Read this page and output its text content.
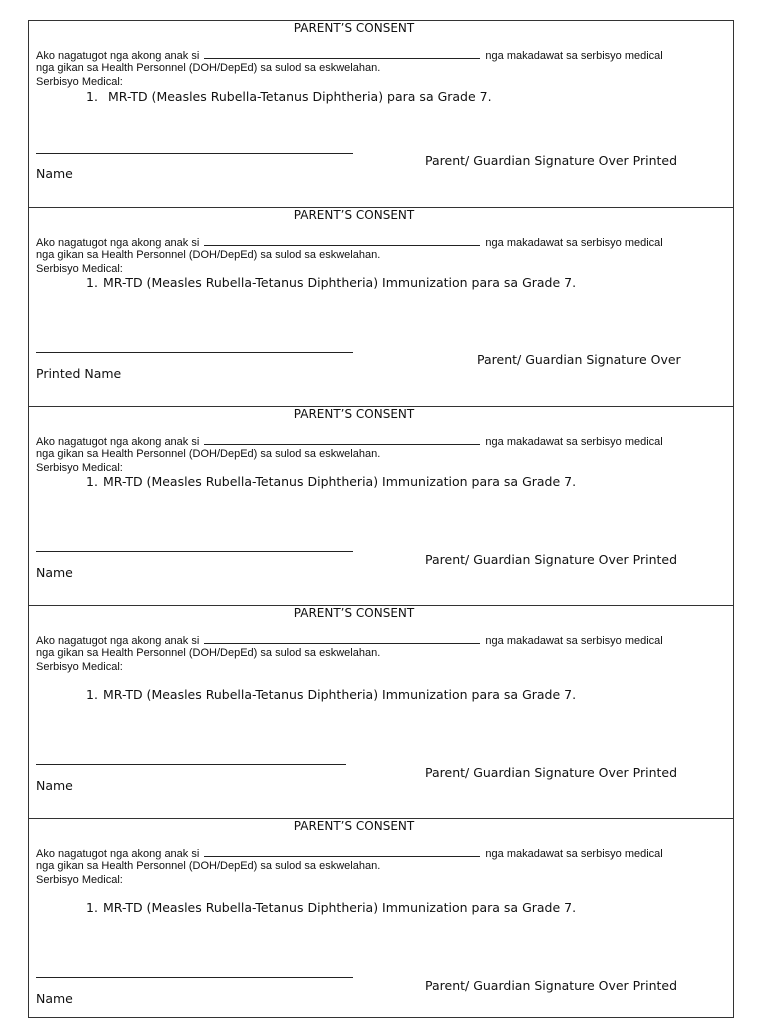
PARENT’S CONSENT
Ako nagatugot nga akong anak si	nga makadawat sa serbisyo medical
nga gikan sa Health Personnel (DOH/DepEd) sa sulod sa eskwelahan.
Serbisyo Medical:
1. MR-TD (Measles Rubella-Tetanus Diphtheria) para sa Grade 7.
Parent/ Guardian Signature Over Printed
Name
PARENT’S CONSENT
Ako nagatugot nga akong anak si	nga makadawat sa serbisyo medical
nga gikan sa Health Personnel (DOH/DepEd) sa sulod sa eskwelahan.
Serbisyo Medical:
1. MR-TD (Measles Rubella-Tetanus Diphtheria) Immunization para sa Grade 7.
Parent/ Guardian Signature Over
Printed Name
PARENT’S CONSENT
Ako nagatugot nga akong anak si	nga makadawat sa serbisyo medical
nga gikan sa Health Personnel (DOH/DepEd) sa sulod sa eskwelahan.
Serbisyo Medical:
1. MR-TD (Measles Rubella-Tetanus Diphtheria) Immunization para sa Grade 7.
Parent/ Guardian Signature Over Printed
Name
PARENT’S CONSENT
Ako nagatugot nga akong anak si	nga makadawat sa serbisyo medical
nga gikan sa Health Personnel (DOH/DepEd) sa sulod sa eskwelahan.
Serbisyo Medical:
1. MR-TD (Measles Rubella-Tetanus Diphtheria) Immunization para sa Grade 7.
Parent/ Guardian Signature Over Printed
Name
PARENT’S CONSENT
Ako nagatugot nga akong anak si	nga makadawat sa serbisyo medical
nga gikan sa Health Personnel (DOH/DepEd) sa sulod sa eskwelahan.
Serbisyo Medical:
1. MR-TD (Measles Rubella-Tetanus Diphtheria) Immunization para sa Grade 7.
Parent/ Guardian Signature Over Printed
Name
